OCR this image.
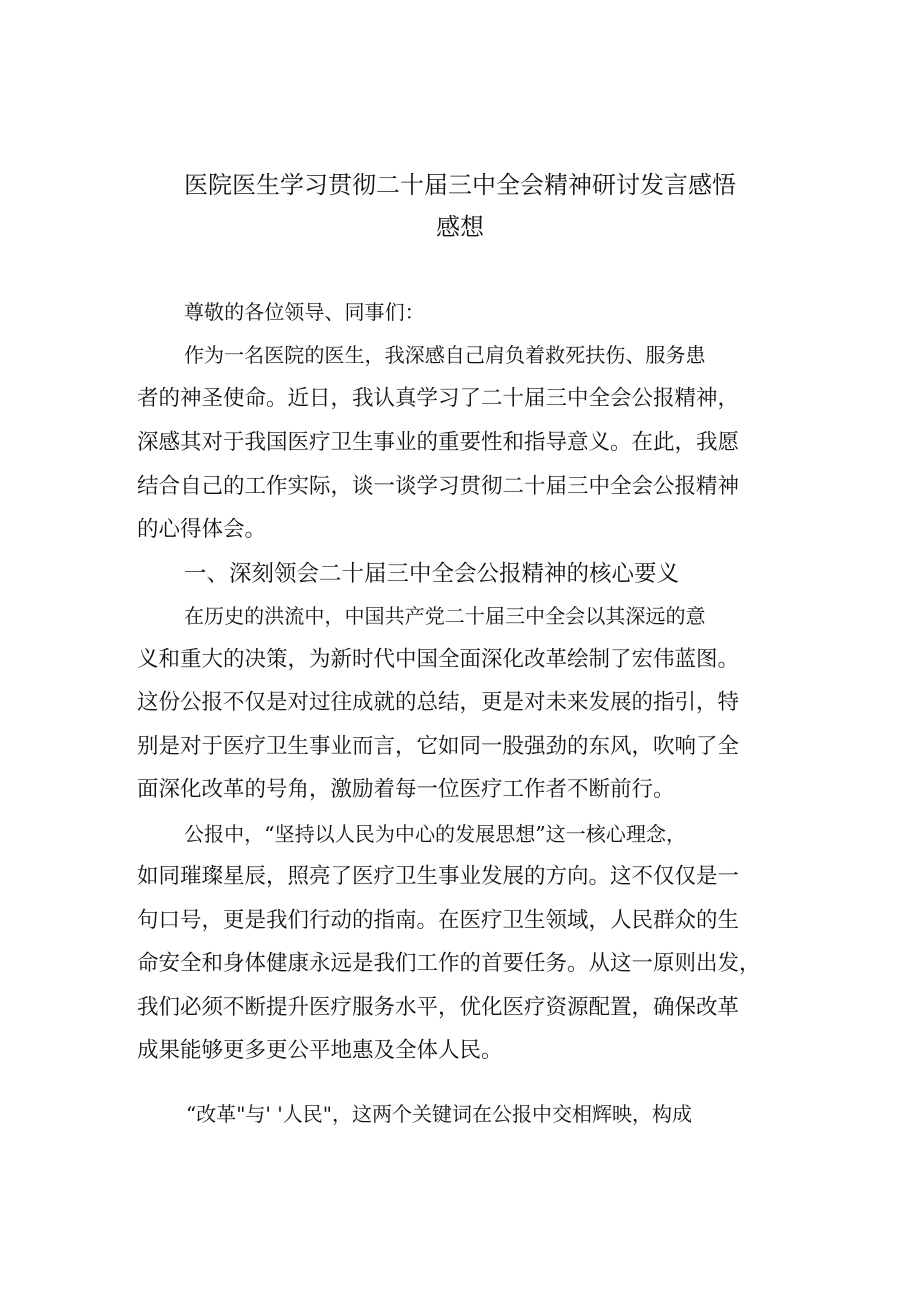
医院医生学习贯彻二十届三中全会精神研讨发言感悟
感想
尊敬的各位领导、同事们：
作为一名医院的医生，我深感自己肩负着救死扶伤、服务患
者的神圣使命。近日，我认真学习了二十届三中全会公报精神，
深感其对于我国医疗卫生事业的重要性和指导意义。在此，我愿
结合自己的工作实际，谈一谈学习贯彻二十届三中全会公报精神
的心得体会。
一、深刻领会二十届三中全会公报精神的核心要义
在历史的洪流中，中国共产党二十届三中全会以其深远的意
义和重大的决策，为新时代中国全面深化改革绘制了宏伟蓝图。
这份公报不仅是对过往成就的总结，更是对未来发展的指引，特
别是对于医疗卫生事业而言，它如同一股强劲的东风，吹响了全
面深化改革的号角，激励着每一位医疗工作者不断前行。
公报中，“坚持以人民为中心的发展思想”这一核心理念，
如同璀璨星辰，照亮了医疗卫生事业发展的方向。这不仅仅是一
句口号，更是我们行动的指南。在医疗卫生领域，人民群众的生
命安全和身体健康永远是我们工作的首要任务。从这一原则出发，
我们必须不断提升医疗服务水平，优化医疗资源配置，确保改革
成果能够更多更公平地惠及全体人民。
“改革"与' '人民"，这两个关键词在公报中交相辉映，构成
